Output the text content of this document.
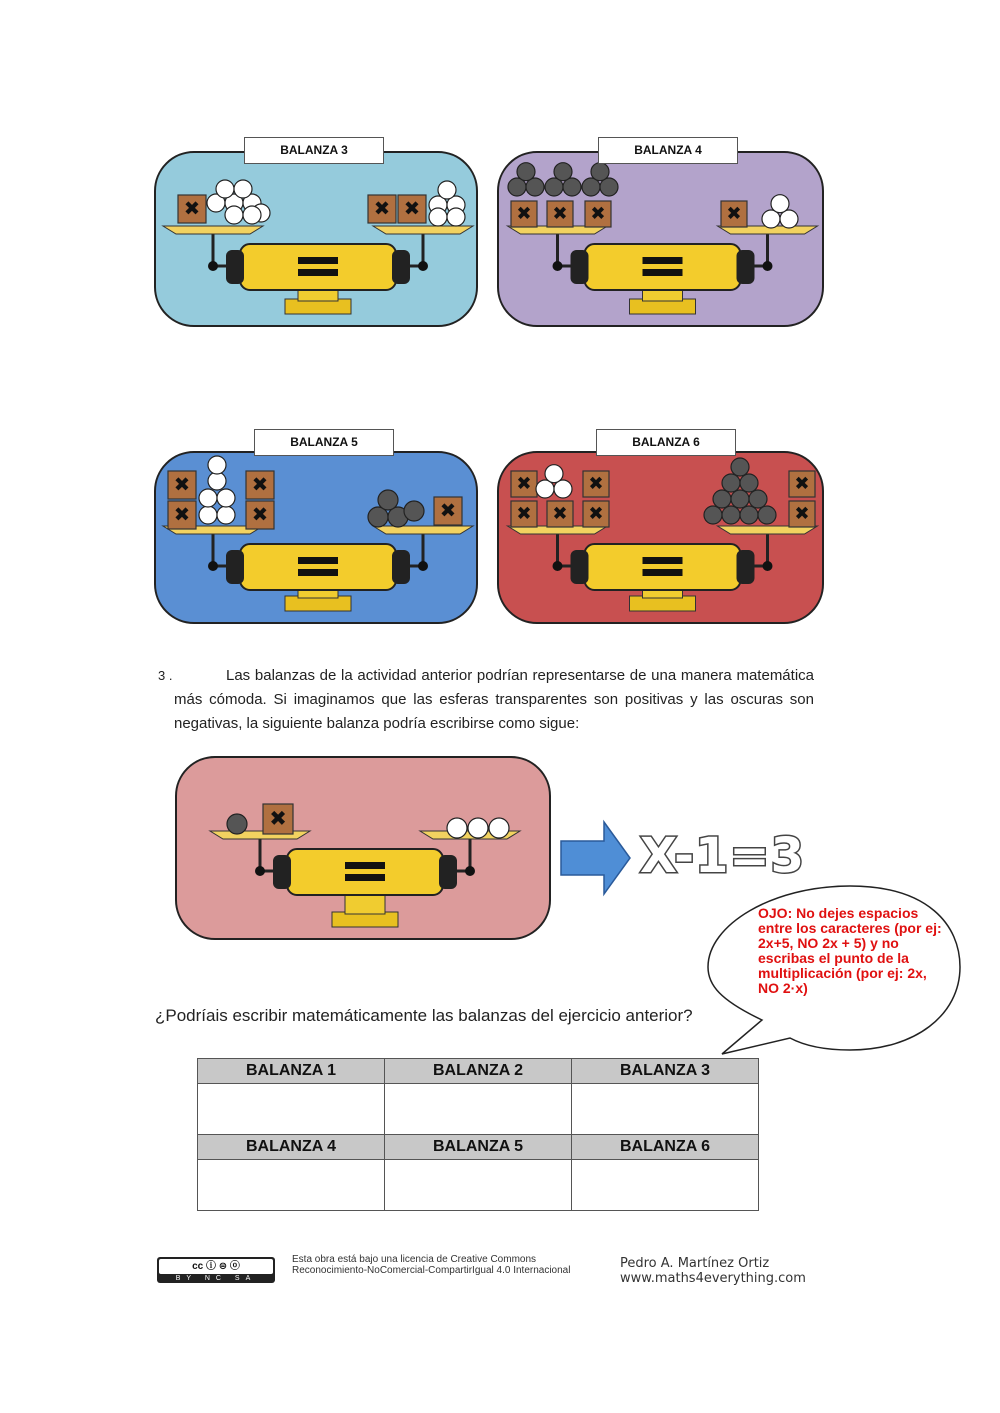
✖	✖ ✖
BALANZA 3
✖ ✖ ✖	✖
BALANZA 4
✖
✖
✖
✖	✖
BALANZA 5
✖
✖ ✖
✖
✖
✖
✖
BALANZA 6
3 .	Las balanzas de la actividad anterior podrían representarse de una manera matemática más cómoda. Si imaginamos que las esferas transparentes son positivas y las oscuras son negativas, la siguiente balanza podría escribirse como sigue:
✖
X-1=3
OJO: No dejes espacios entre los caracteres (por ej: 2x+5, NO 2x + 5) y no escribas el punto de la multiplicación (por ej: 2x, NO 2·x)
¿Podríais escribir matemáticamente las balanzas del ejercicio anterior?
BALANZA 1	BALANZA 2	BALANZA 3

BALANZA 4	BALANZA 5	BALANZA 6

cc ⓘ ⊜ ⓞ
BY NC SA
Esta obra está bajo una licencia de Creative Commons Reconocimiento-NoComercial-CompartirIgual 4.0 Internacional	Pedro A. Martínez Ortiz
www.maths4everything.com
